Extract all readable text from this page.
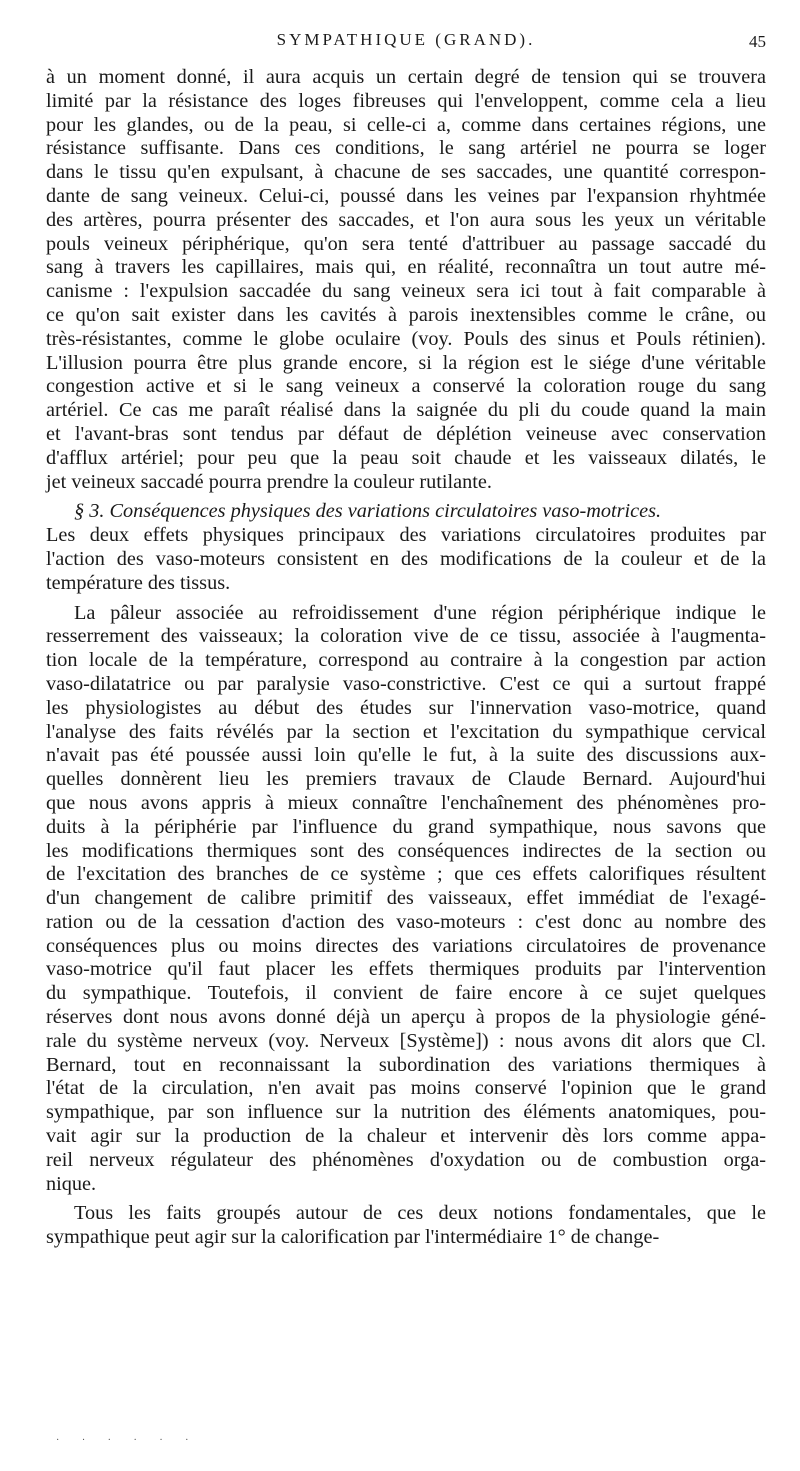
SYMPATHIQUE (GRAND).	45
à un moment donné, il aura acquis un certain degré de tension qui se trouvera
limité par la résistance des loges fibreuses qui l'enveloppent, comme cela a lieu
pour les glandes, ou de la peau, si celle-ci a, comme dans certaines régions, une
résistance suffisante. Dans ces conditions, le sang artériel ne pourra se loger
dans le tissu qu'en expulsant, à chacune de ses saccades, une quantité correspon-
dante de sang veineux. Celui-ci, poussé dans les veines par l'expansion rhyhtmée
des artères, pourra présenter des saccades, et l'on aura sous les yeux un véritable
pouls veineux périphérique, qu'on sera tenté d'attribuer au passage saccadé du
sang à travers les capillaires, mais qui, en réalité, reconnaîtra un tout autre mé-
canisme : l'expulsion saccadée du sang veineux sera ici tout à fait comparable à
ce qu'on sait exister dans les cavités à parois inextensibles comme le crâne, ou
très-résistantes, comme le globe oculaire (voy. Pouls des sinus et Pouls rétinien).
L'illusion pourra être plus grande encore, si la région est le siége d'une véritable
congestion active et si le sang veineux a conservé la coloration rouge du sang
artériel. Ce cas me paraît réalisé dans la saignée du pli du coude quand la main
et l'avant-bras sont tendus par défaut de déplétion veineuse avec conservation
d'afflux artériel; pour peu que la peau soit chaude et les vaisseaux dilatés, le
jet veineux saccadé pourra prendre la couleur rutilante.
§ 3. Conséquences physiques des variations circulatoires vaso-motrices.
Les deux effets physiques principaux des variations circulatoires produites par
l'action des vaso-moteurs consistent en des modifications de la couleur et de la
température des tissus.
La pâleur associée au refroidissement d'une région périphérique indique le
resserrement des vaisseaux; la coloration vive de ce tissu, associée à l'augmenta-
tion locale de la température, correspond au contraire à la congestion par action
vaso-dilatatrice ou par paralysie vaso-constrictive. C'est ce qui a surtout frappé
les physiologistes au début des études sur l'innervation vaso-motrice, quand
l'analyse des faits révélés par la section et l'excitation du sympathique cervical
n'avait pas été poussée aussi loin qu'elle le fut, à la suite des discussions aux-
quelles donnèrent lieu les premiers travaux de Claude Bernard. Aujourd'hui
que nous avons appris à mieux connaître l'enchaînement des phénomènes pro-
duits à la périphérie par l'influence du grand sympathique, nous savons que
les modifications thermiques sont des conséquences indirectes de la section ou
de l'excitation des branches de ce système ; que ces effets calorifiques résultent
d'un changement de calibre primitif des vaisseaux, effet immédiat de l'exagé-
ration ou de la cessation d'action des vaso-moteurs : c'est donc au nombre des
conséquences plus ou moins directes des variations circulatoires de provenance
vaso-motrice qu'il faut placer les effets thermiques produits par l'intervention
du sympathique. Toutefois, il convient de faire encore à ce sujet quelques
réserves dont nous avons donné déjà un aperçu à propos de la physiologie géné-
rale du système nerveux (voy. Nerveux [Système]) : nous avons dit alors que Cl.
Bernard, tout en reconnaissant la subordination des variations thermiques à
l'état de la circulation, n'en avait pas moins conservé l'opinion que le grand
sympathique, par son influence sur la nutrition des éléments anatomiques, pou-
vait agir sur la production de la chaleur et intervenir dès lors comme appa-
reil nerveux régulateur des phénomènes d'oxydation ou de combustion orga-
nique.
Tous les faits groupés autour de ces deux notions fondamentales, que le
sympathique peut agir sur la calorification par l'intermédiaire 1° de change-
· · · · · ·
